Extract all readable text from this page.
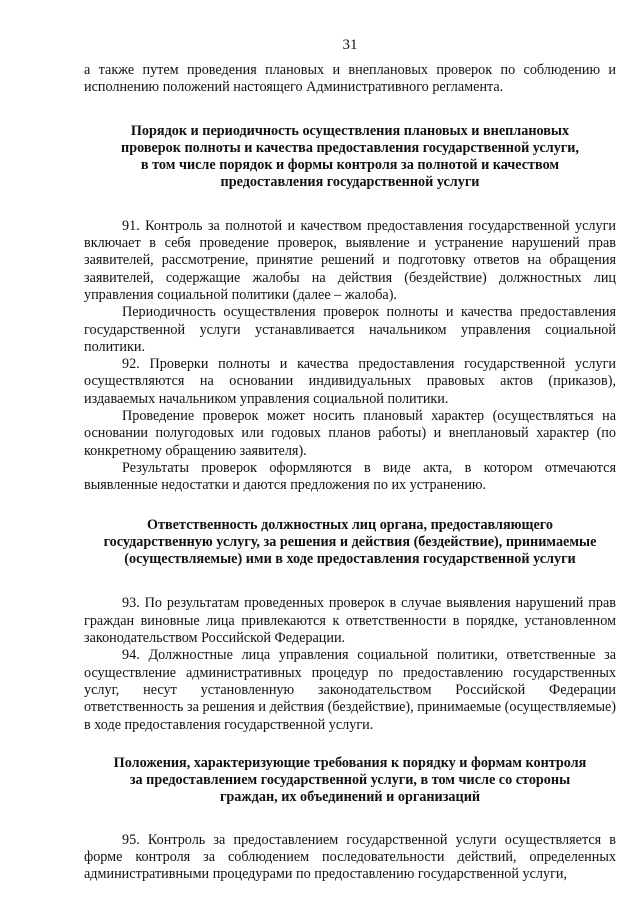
31

а также путем проведения плановых и внеплановых проверок по соблюдению и исполнению положений настоящего Административного регламента.

Порядок и периодичность осуществления плановых и внеплановых
проверок полноты и качества предоставления государственной услуги,
в том числе порядок и формы контроля за полнотой и качеством
предоставления государственной услуги

91. Контроль за полнотой и качеством предоставления государственной услуги включает в себя проведение проверок, выявление и устранение нарушений прав заявителей, рассмотрение, принятие решений и подготовку ответов на обращения заявителей, содержащие жалобы на действия (бездействие) должностных лиц управления социальной политики (далее – жалоба).

Периодичность осуществления проверок полноты и качества предоставления государственной услуги устанавливается начальником управления социальной политики.

92. Проверки полноты и качества предоставления государственной услуги осуществляются на основании индивидуальных правовых актов (приказов), издаваемых начальником управления социальной политики.

Проведение проверок может носить плановый характер (осуществляться на основании полугодовых или годовых планов работы) и внеплановый характер (по конкретному обращению заявителя).

Результаты проверок оформляются в виде акта, в котором отмечаются выявленные недостатки и даются предложения по их устранению.

Ответственность должностных лиц органа, предоставляющего
государственную услугу, за решения и действия (бездействие), принимаемые
(осуществляемые) ими в ходе предоставления государственной услуги

93. По результатам проведенных проверок в случае выявления нарушений прав граждан виновные лица привлекаются к ответственности в порядке, установленном законодательством Российской Федерации.

94. Должностные лица управления социальной политики, ответственные за осуществление административных процедур по предоставлению государственных услуг, несут установленную законодательством Российской Федерации ответственность за решения и действия (бездействие), принимаемые (осуществляемые) в ходе предоставления государственной услуги.

Положения, характеризующие требования к порядку и формам контроля
за предоставлением государственной услуги, в том числе со стороны
граждан, их объединений и организаций

95. Контроль за предоставлением государственной услуги осуществляется в форме контроля за соблюдением последовательности действий, определенных административными процедурами по предоставлению государственной услуги,
